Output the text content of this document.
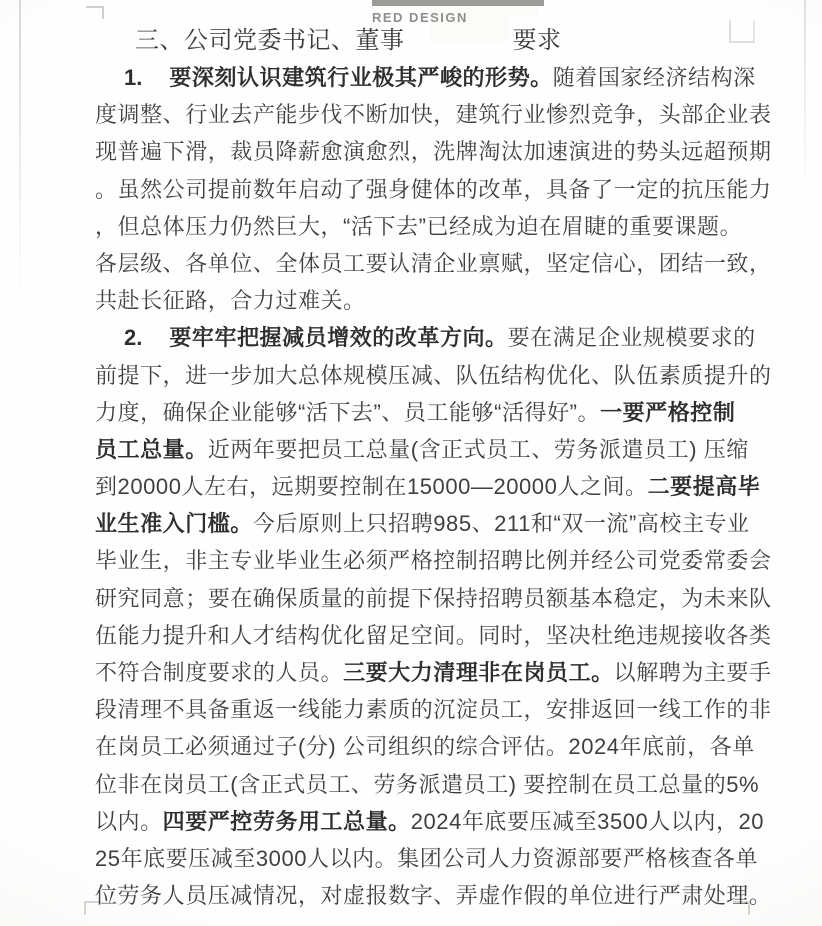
三、公司党委书记、董事	要求
RED DESIGN
1. 要深刻认识建筑行业极其严峻的形势。随着国家经济结构深
度调整、行业去产能步伐不断加快，建筑行业惨烈竞争，头部企业表
现普遍下滑，裁员降薪愈演愈烈，洗牌淘汰加速演进的势头远超预期
。虽然公司提前数年启动了强身健体的改革，具备了一定的抗压能力
，但总体压力仍然巨大，“活下去”已经成为迫在眉睫的重要课题。
各层级、各单位、全体员工要认清企业禀赋，坚定信心，团结一致，
共赴长征路，合力过难关。
2. 要牢牢把握减员增效的改革方向。要在满足企业规模要求的
前提下，进一步加大总体规模压减、队伍结构优化、队伍素质提升的
力度，确保企业能够“活下去”、员工能够“活得好”。一要严格控制
员工总量。近两年要把员工总量(含正式员工、劳务派遣员工) 压缩
到20000人左右，远期要控制在15000—20000人之间。二要提高毕
业生准入门槛。今后原则上只招聘985、211和“双一流”高校主专业
毕业生，非主专业毕业生必须严格控制招聘比例并经公司党委常委会
研究同意；要在确保质量的前提下保持招聘员额基本稳定，为未来队
伍能力提升和人才结构优化留足空间。同时，坚决杜绝违规接收各类
不符合制度要求的人员。三要大力清理非在岗员工。以解聘为主要手
段清理不具备重返一线能力素质的沉淀员工，安排返回一线工作的非
在岗员工必须通过子(分) 公司组织的综合评估。2024年底前，各单
位非在岗员工(含正式员工、劳务派遣员工) 要控制在员工总量的5%
以内。四要严控劳务用工总量。2024年底要压减至3500人以内，20
25年底要压减至3000人以内。集团公司人力资源部要严格核查各单
位劳务人员压减情况，对虚报数字、弄虚作假的单位进行严肃处理。
